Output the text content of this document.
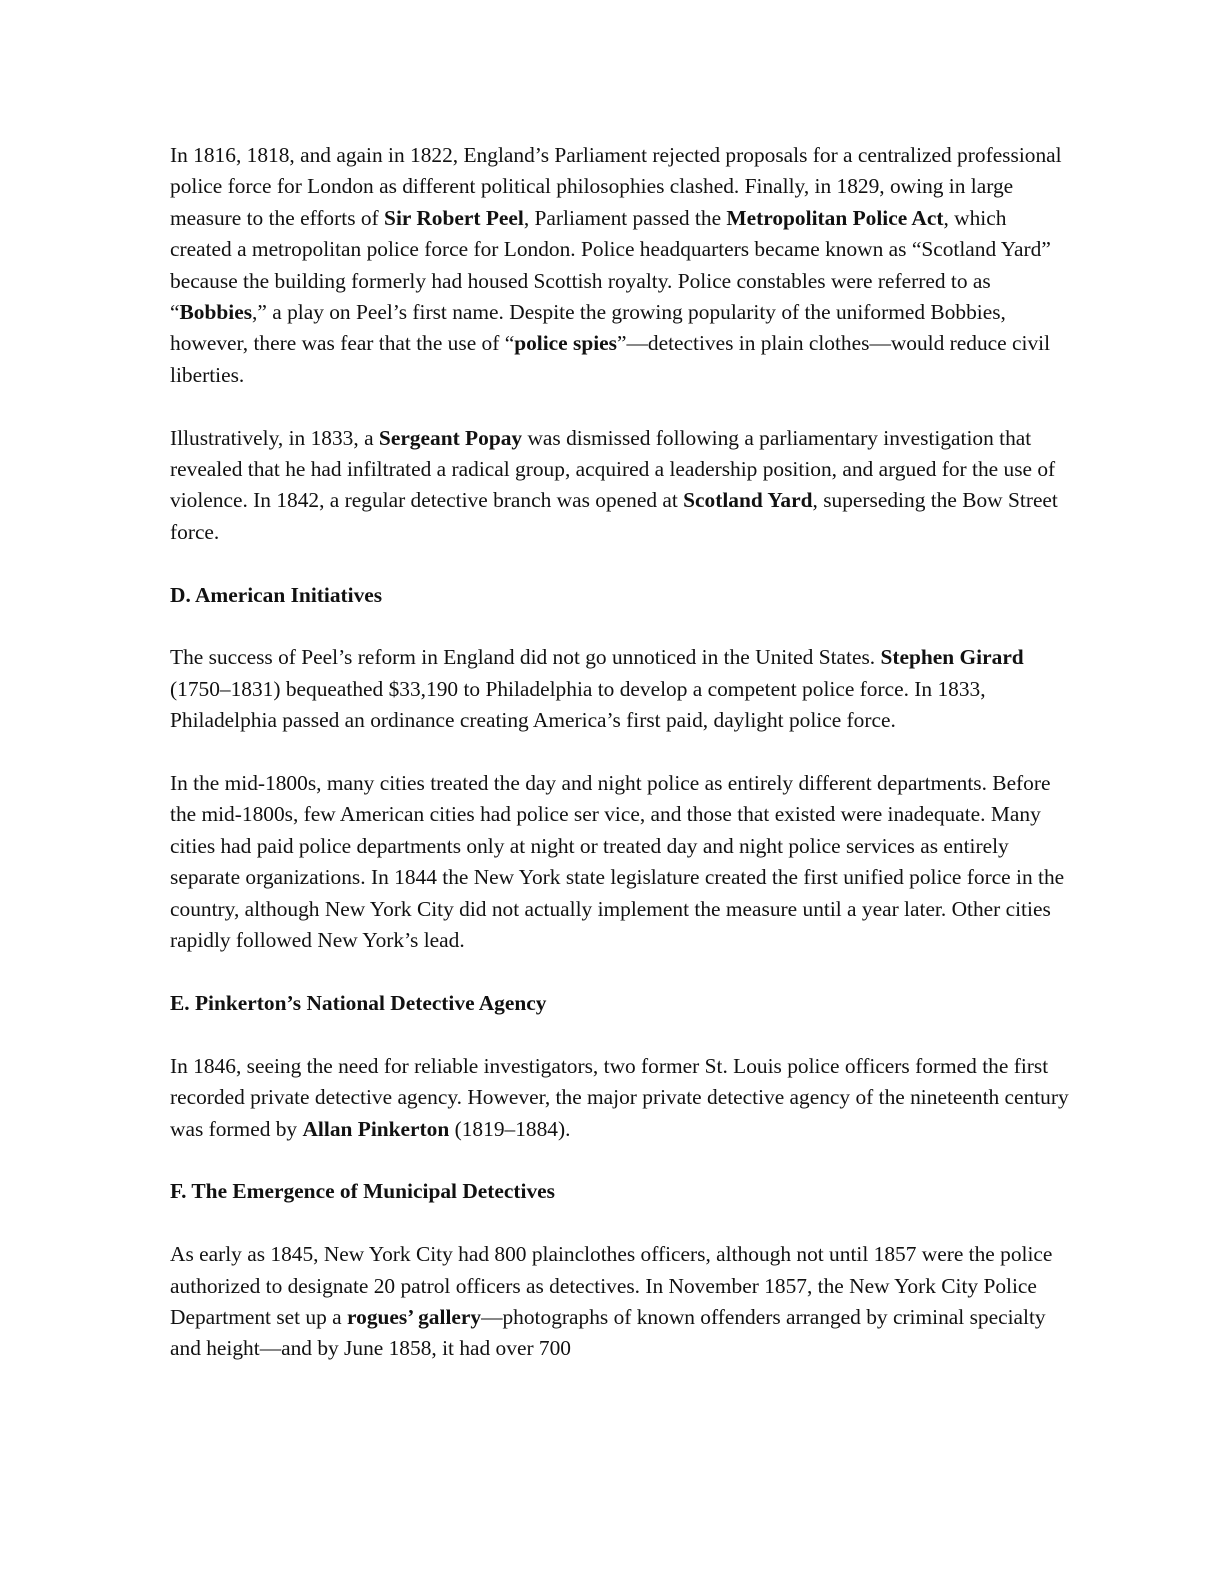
In 1816, 1818, and again in 1822, England’s Parliament rejected proposals for a centralized professional police force for London as different political philosophies clashed. Finally, in 1829, owing in large measure to the efforts of Sir Robert Peel, Parliament passed the Metropolitan Police Act, which created a metropolitan police force for London. Police headquarters became known as “Scotland Yard” because the building formerly had housed Scottish royalty. Police constables were referred to as “Bobbies,” a play on Peel’s first name. Despite the growing popularity of the uniformed Bobbies, however, there was fear that the use of “police spies”—detectives in plain clothes—would reduce civil liberties.

Illustratively, in 1833, a Sergeant Popay was dismissed following a parliamentary investigation that revealed that he had infiltrated a radical group, acquired a leadership position, and argued for the use of violence. In 1842, a regular detective branch was opened at Scotland Yard, superseding the Bow Street force.

D. American Initiatives

The success of Peel’s reform in England did not go unnoticed in the United States. Stephen Girard (1750–1831) bequeathed $33,190 to Philadelphia to develop a competent police force. In 1833, Philadelphia passed an ordinance creating America’s first paid, daylight police force.

In the mid-1800s, many cities treated the day and night police as entirely different departments. Before the mid-1800s, few American cities had police ser vice, and those that existed were inadequate. Many cities had paid police departments only at night or treated day and night police services as entirely separate organizations. In 1844 the New York state legislature created the first unified police force in the country, although New York City did not actually implement the measure until a year later. Other cities rapidly followed New York’s lead.

E. Pinkerton’s National Detective Agency

In 1846, seeing the need for reliable investigators, two former St. Louis police officers formed the first recorded private detective agency. However, the major private detective agency of the nineteenth century was formed by Allan Pinkerton (1819–1884).

F. The Emergence of Municipal Detectives

As early as 1845, New York City had 800 plainclothes officers, although not until 1857 were the police authorized to designate 20 patrol officers as detectives. In November 1857, the New York City Police Department set up a rogues’ gallery—photographs of known offenders arranged by criminal specialty and height—and by June 1858, it had over 700
